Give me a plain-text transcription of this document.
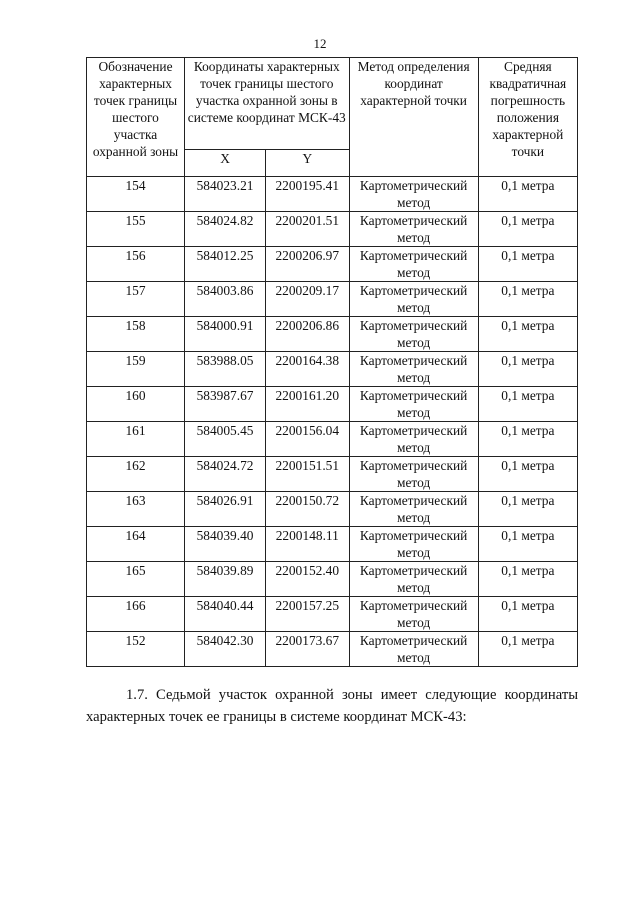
12
Обозначение характерных точек границы шестого участка охранной зоны	Координаты характерных точек границы шестого участка охранной зоны в системе координат МСК-43		Метод определения координат характерной точки	Средняя квадратичная погрешность положения характерной точки
	X	Y		
154	584023.21	2200195.41	Картометрический метод	0,1 метра
155	584024.82	2200201.51	Картометрический метод	0,1 метра
156	584012.25	2200206.97	Картометрический метод	0,1 метра
157	584003.86	2200209.17	Картометрический метод	0,1 метра
158	584000.91	2200206.86	Картометрический метод	0,1 метра
159	583988.05	2200164.38	Картометрический метод	0,1 метра
160	583987.67	2200161.20	Картометрический метод	0,1 метра
161	584005.45	2200156.04	Картометрический метод	0,1 метра
162	584024.72	2200151.51	Картометрический метод	0,1 метра
163	584026.91	2200150.72	Картометрический метод	0,1 метра
164	584039.40	2200148.11	Картометрический метод	0,1 метра
165	584039.89	2200152.40	Картометрический метод	0,1 метра
166	584040.44	2200157.25	Картометрический метод	0,1 метра
152	584042.30	2200173.67	Картометрический метод	0,1 метра
1.7. Седьмой участок охранной зоны имеет следующие координаты характерных точек ее границы в системе координат МСК-43:
